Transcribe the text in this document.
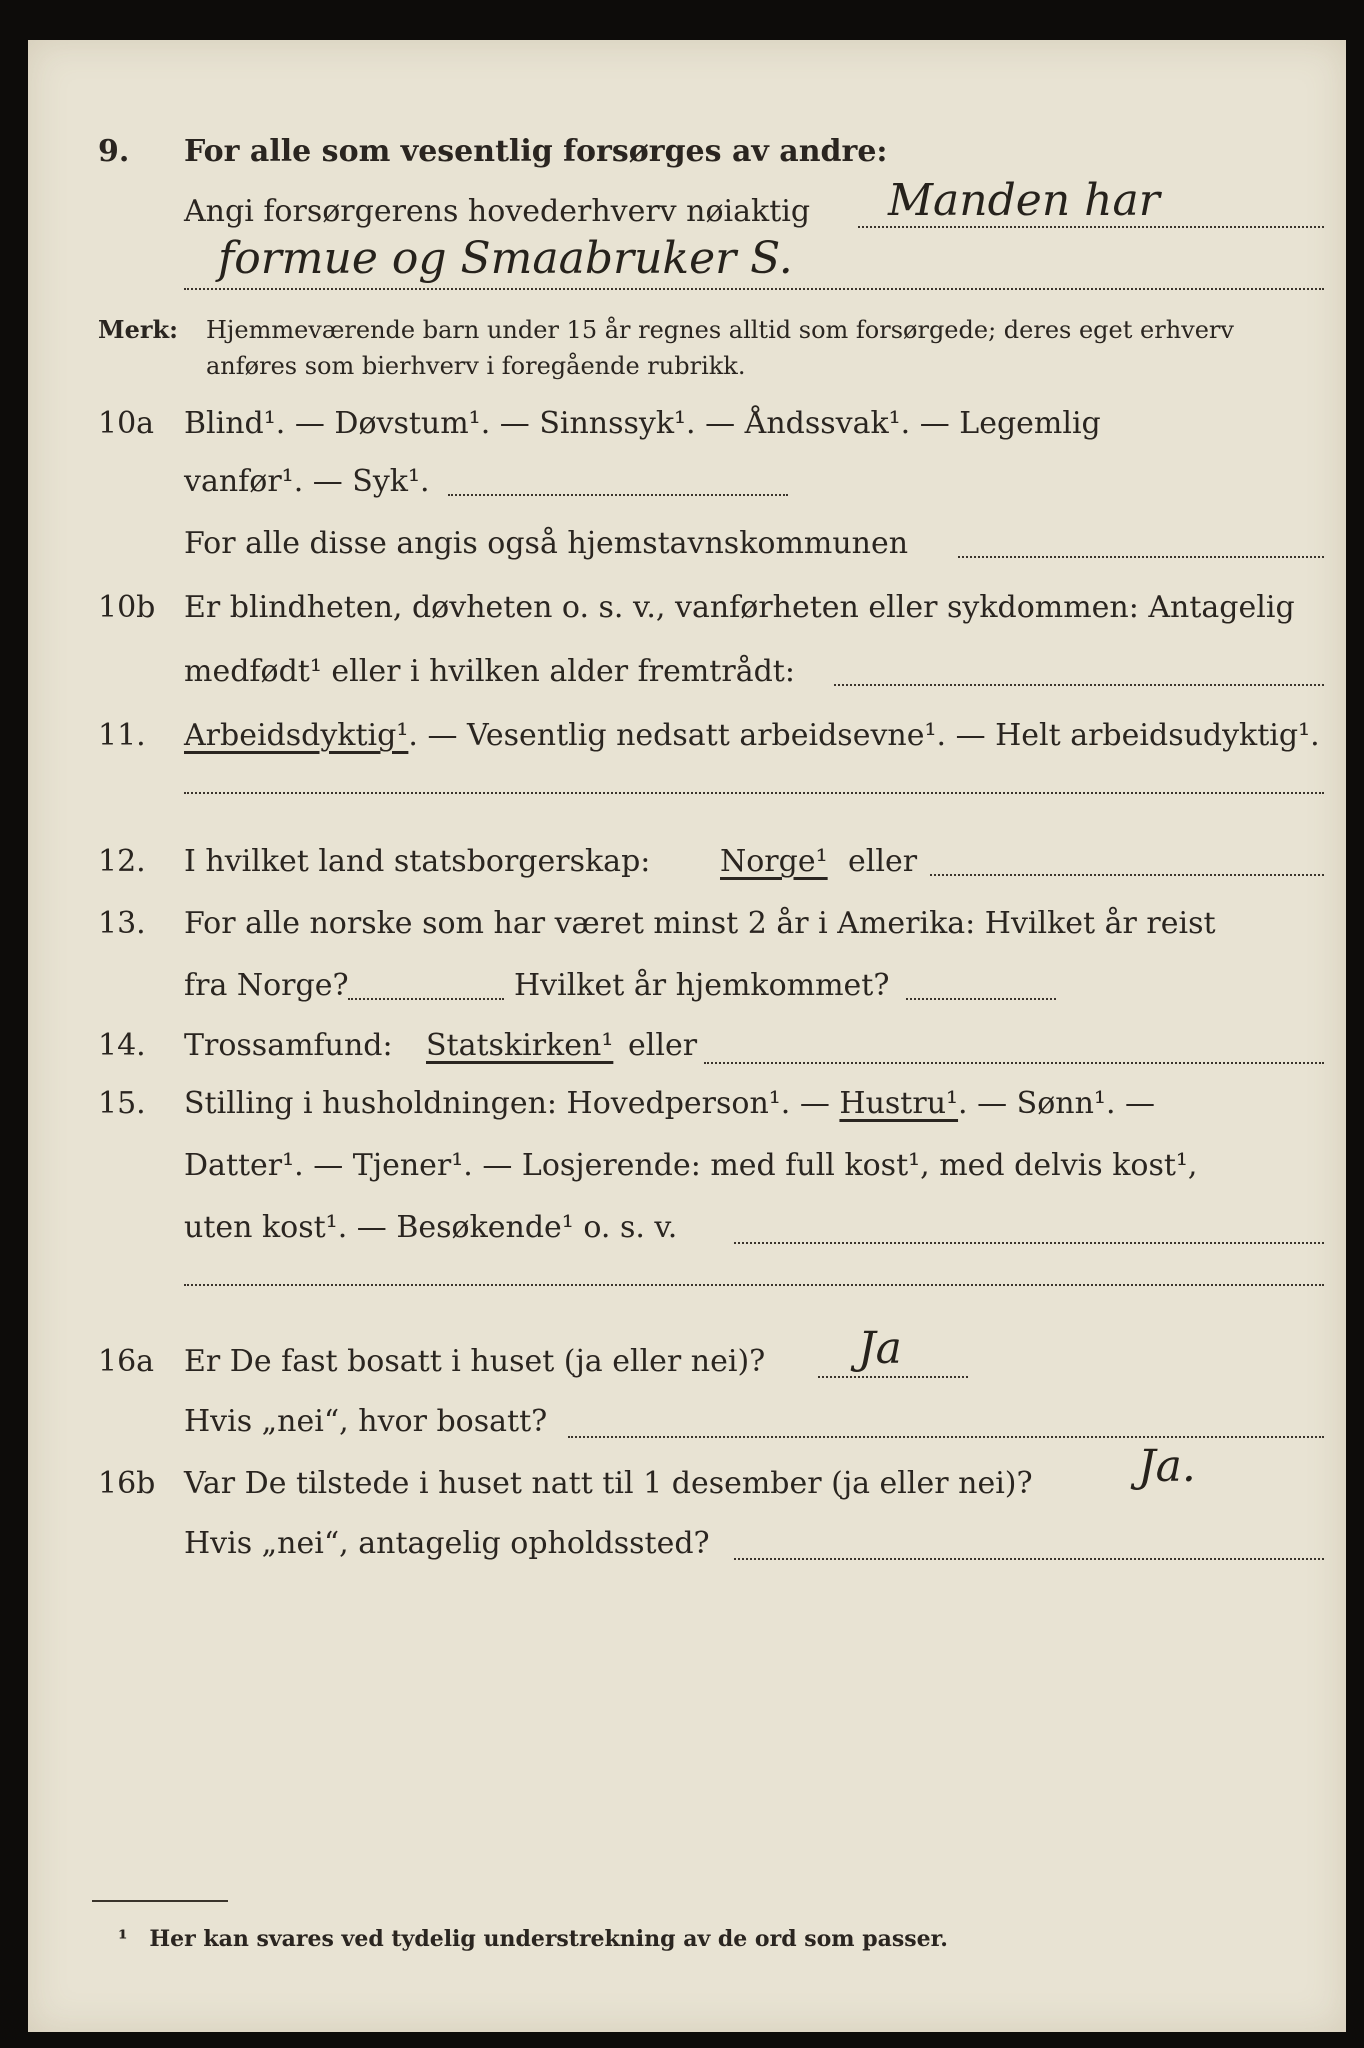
9. For alle som vesentlig forsørges av andre:
Angi forsørgerens hovederhverv nøiaktig Manden har
formue og Smaabruker S.
Merk: Hjemmeværende barn under 15 år regnes alltid som forsørgede; deres eget erhverv
anføres som bierhverv i foregående rubrikk.
10a Blind¹. — Døvstum¹. — Sinnssyk¹. — Åndssvak¹. — Legemlig
vanfør¹. — Syk¹.
For alle disse angis også hjemstavnskommunen
10b Er blindheten, døvheten o. s. v., vanførheten eller sykdommen: Antagelig
medfødt¹ eller i hvilken alder fremtrådt:
11. Arbeidsdyktig¹. — Vesentlig nedsatt arbeidsevne¹. — Helt arbeidsudyktig¹.
12. I hvilket land statsborgerskap: Norge¹ eller
13. For alle norske som har været minst 2 år i Amerika: Hvilket år reist
fra Norge?	Hvilket år hjemkommet?
14. Trossamfund: Statskirken¹ eller
15. Stilling i husholdningen: Hovedperson¹. — Hustru¹. — Sønn¹. —
Datter¹. — Tjener¹. — Losjerende: med full kost¹, med delvis kost¹,
uten kost¹. — Besøkende¹ o. s. v.
16a Er De fast bosatt i huset (ja eller nei)? Ja
Hvis „nei“, hvor bosatt?
16b Var De tilstede i huset natt til 1 desember (ja eller nei)? Ja.
Hvis „nei“, antagelig opholdssted?
¹ Her kan svares ved tydelig understrekning av de ord som passer.
